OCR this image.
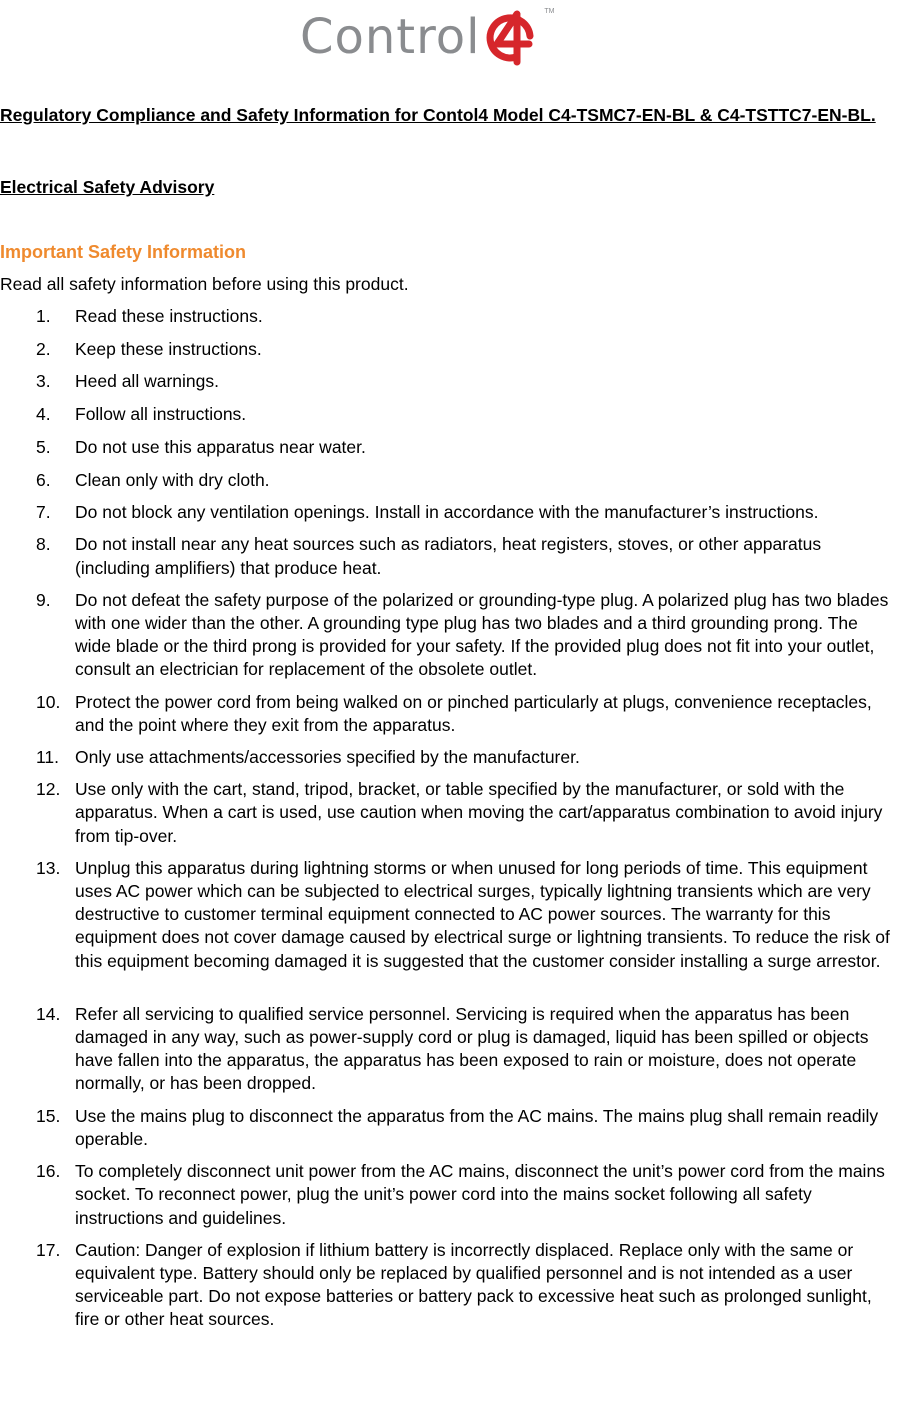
Control	TM
Regulatory Compliance and Safety Information for Contol4 Model C4-TSMC7-EN-BL & C4-TSTTC7-EN-BL.
Electrical Safety Advisory
Important Safety Information

Read all safety information before using this product.

1. Read these instructions.
2. Keep these instructions.
3. Heed all warnings.
4. Follow all instructions.
5. Do not use this apparatus near water.
6. Clean only with dry cloth.
7. Do not block any ventilation openings. Install in accordance with the manufacturer’s instructions.
8. Do not install near any heat sources such as radiators, heat registers, stoves, or other apparatus (including amplifiers) that produce heat.
9. Do not defeat the safety purpose of the polarized or grounding-type plug. A polarized plug has two blades with one wider than the other. A grounding type plug has two blades and a third grounding prong. The wide blade or the third prong is provided for your safety. If the provided plug does not fit into your outlet, consult an electrician for replacement of the obsolete outlet.
10. Protect the power cord from being walked on or pinched particularly at plugs, convenience receptacles, and the point where they exit from the apparatus.
11. Only use attachments/accessories specified by the manufacturer.
12. Use only with the cart, stand, tripod, bracket, or table specified by the manufacturer, or sold with the apparatus. When a cart is used, use caution when moving the cart/apparatus combination to avoid injury from tip-over.
13. Unplug this apparatus during lightning storms or when unused for long periods of time. This equipment uses AC power which can be subjected to electrical surges, typically lightning transients which are very destructive to customer terminal equipment connected to AC power sources. The warranty for this equipment does not cover damage caused by electrical surge or lightning transients. To reduce the risk of this equipment becoming damaged it is suggested that the customer consider installing a surge arrestor.
14. Refer all servicing to qualified service personnel. Servicing is required when the apparatus has been damaged in any way, such as power-supply cord or plug is damaged, liquid has been spilled or objects have fallen into the apparatus, the apparatus has been exposed to rain or moisture, does not operate normally, or has been dropped.
15. Use the mains plug to disconnect the apparatus from the AC mains. The mains plug shall remain readily operable.
16. To completely disconnect unit power from the AC mains, disconnect the unit’s power cord from the mains socket. To reconnect power, plug the unit’s power cord into the mains socket following all safety instructions and guidelines.
17. Caution: Danger of explosion if lithium battery is incorrectly displaced. Replace only with the same or equivalent type. Battery should only be replaced by qualified personnel and is not intended as a user serviceable part. Do not expose batteries or battery pack to excessive heat such as prolonged sunlight, fire or other heat sources.
